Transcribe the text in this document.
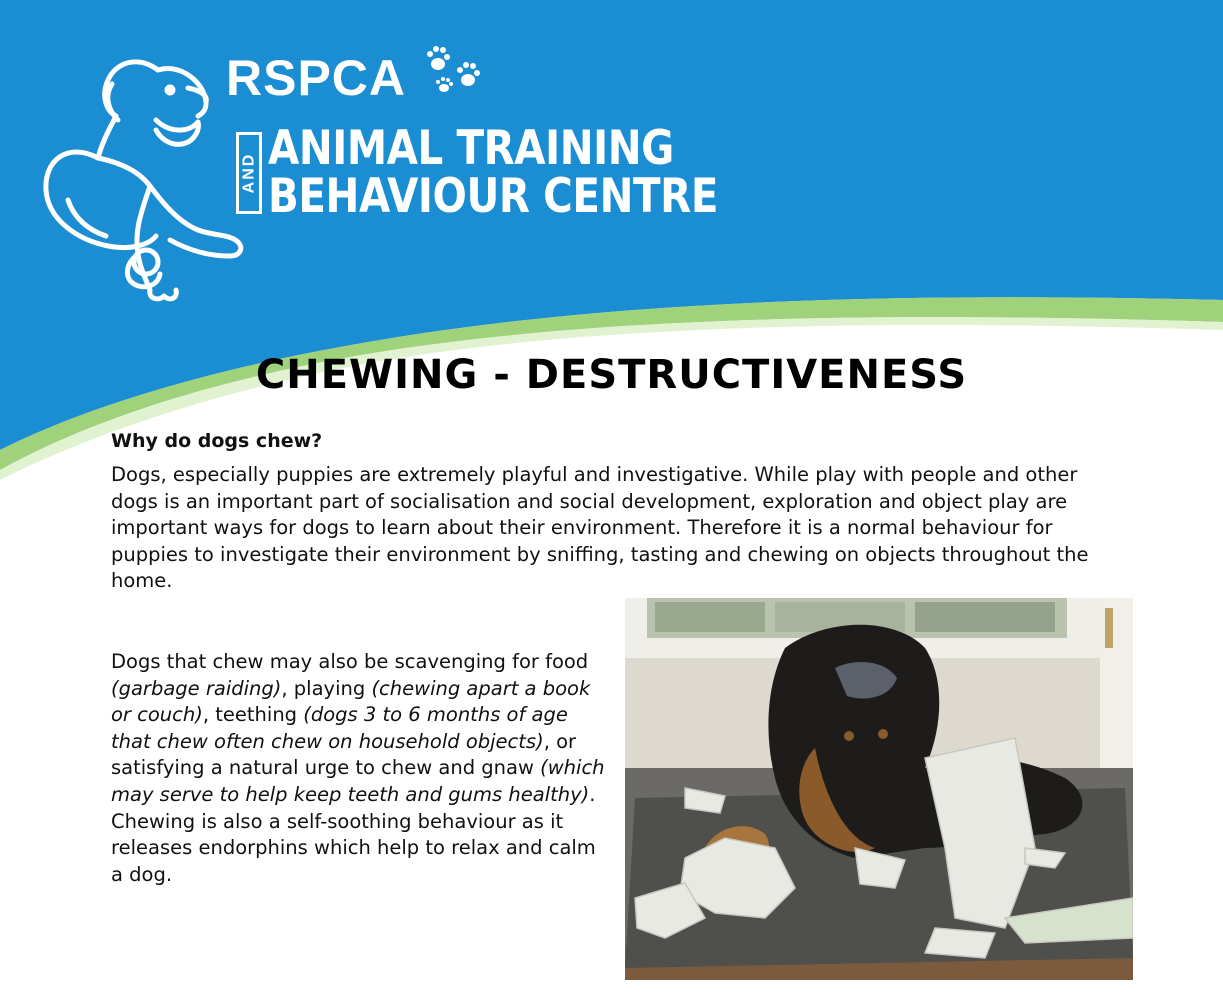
RSPCA
AND ANIMAL TRAINING
BEHAVIOUR CENTRE
CHEWING - DESTRUCTIVENESS
Why do dogs chew?

Dogs, especially puppies are extremely playful and investigative. While play with people and other dogs is an important part of socialisation and social development, exploration and object play are important ways for dogs to learn about their environment. Therefore it is a normal behaviour for puppies to investigate their environment by sniffing, tasting and chewing on objects throughout the home.

Dogs that chew may also be scavenging for food (garbage raiding), playing (chewing apart a book or couch), teething (dogs 3 to 6 months of age that chew often chew on household objects), or satisfying a natural urge to chew and gnaw (which may serve to help keep teeth and gums healthy). Chewing is also a self-soothing behaviour as it releases endorphins which help to relax and calm a dog.
